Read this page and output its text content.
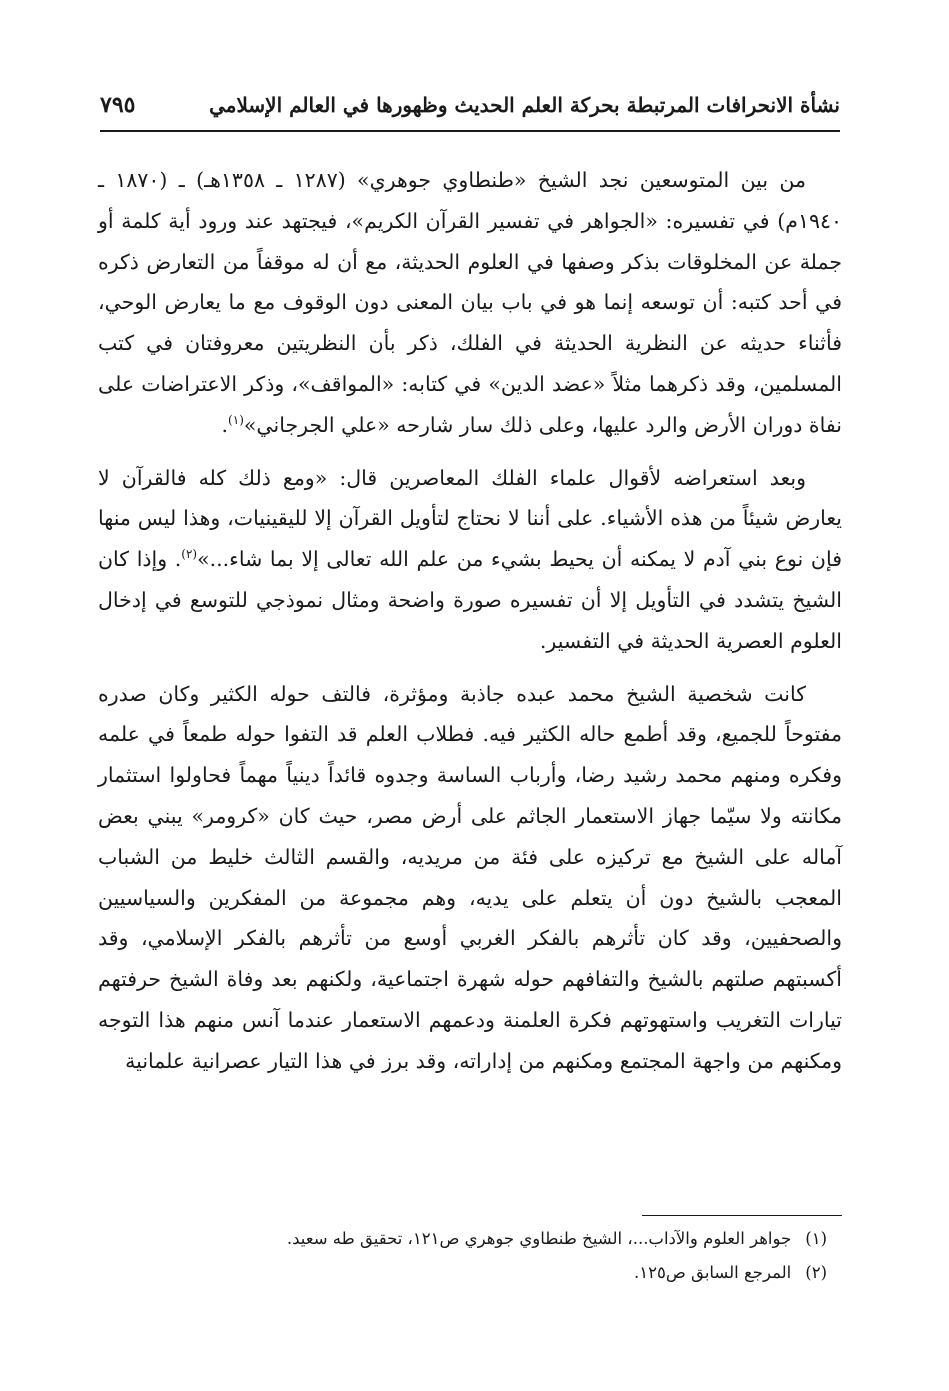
نشأة الانحرافات المرتبطة بحركة العلم الحديث وظهورها في العالم الإسلامي
٧٩٥

من بين المتوسعين نجد الشيخ «طنطاوي جوهري» (١٢٨٧ ـ ١٣٥٨هـ) ـ (١٨٧٠ ـ ١٩٤٠م) في تفسيره: «الجواهر في تفسير القرآن الكريم»، فيجتهد عند ورود أية كلمة أو جملة عن المخلوقات بذكر وصفها في العلوم الحديثة، مع أن له موقفاً من التعارض ذكره في أحد كتبه: أن توسعه إنما هو في باب بيان المعنى دون الوقوف مع ما يعارض الوحي، فأثناء حديثه عن النظرية الحديثة في الفلك، ذكر بأن النظريتين معروفتان في كتب المسلمين، وقد ذكرهما مثلاً «عضد الدين» في كتابه: «المواقف»، وذكر الاعتراضات على نفاة دوران الأرض والرد عليها، وعلى ذلك سار شارحه «علي الجرجاني»$^{(١)}$.

وبعد استعراضه لأقوال علماء الفلك المعاصرين قال: «ومع ذلك كله فالقرآن لا يعارض شيئاً من هذه الأشياء. على أننا لا نحتاج لتأويل القرآن إلا لليقينيات، وهذا ليس منها فإن نوع بني آدم لا يمكنه أن يحيط بشيء من علم الله تعالى إلا بما شاء...»$^{(٢)}$. وإذا كان الشيخ يتشدد في التأويل إلا أن تفسيره صورة واضحة ومثال نموذجي للتوسع في إدخال العلوم العصرية الحديثة في التفسير.

كانت شخصية الشيخ محمد عبده جاذبة ومؤثرة، فالتف حوله الكثير وكان صدره مفتوحاً للجميع، وقد أطمع حاله الكثير فيه. فطلاب العلم قد التفوا حوله طمعاً في علمه وفكره ومنهم محمد رشيد رضا، وأرباب الساسة وجدوه قائداً دينياً مهماً فحاولوا استثمار مكانته ولا سيّما جهاز الاستعمار الجاثم على أرض مصر، حيث كان «كرومر» يبني بعض آماله على الشيخ مع تركيزه على فئة من مريديه، والقسم الثالث خليط من الشباب المعجب بالشيخ دون أن يتعلم على يديه، وهم مجموعة من المفكرين والسياسيين والصحفيين، وقد كان تأثرهم بالفكر الغربي أوسع من تأثرهم بالفكر الإسلامي، وقد أكسبتهم صلتهم بالشيخ والتفافهم حوله شهرة اجتماعية، ولكنهم بعد وفاة الشيخ حرفتهم تيارات التغريب واستهوتهم فكرة العلمنة ودعمهم الاستعمار عندما آنس منهم هذا التوجه ومكنهم من واجهة المجتمع ومكنهم من إداراته، وقد برز في هذا التيار عصرانية علمانية

(١)جواهر العلوم والآداب...، الشيخ طنطاوي جوهري ص١٢١، تحقيق طه سعيد.
(٢)المرجع السابق ص١٢٥.
